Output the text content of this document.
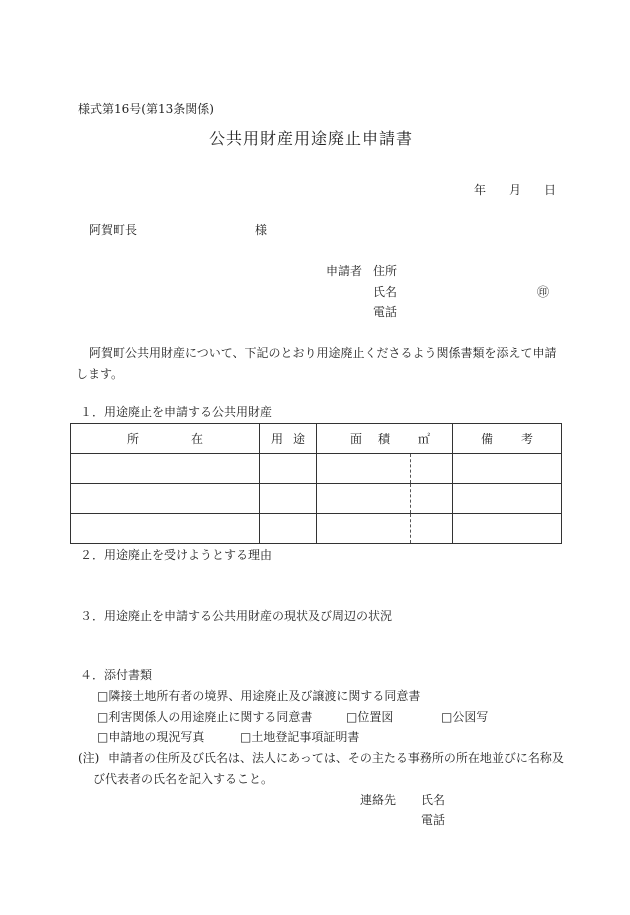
様式第16号(第13条関係)
公共用財産用途廃止申請書
年 月 日
阿賀町長	様
申請者 住所
氏名	㊞
電話
阿賀町公共用財産について、下記のとおり用途廃止くださるよう関係書類を添えて申請
します。
１．用途廃止を申請する公共用財産
所 在	用 途	面 積 ㎡		備 考

２．用途廃止を受けようとする理由
３．用途廃止を申請する公共用財産の現状及び周辺の状況
４．添付書類
□隣接土地所有者の境界、用途廃止及び譲渡に関する同意書
□利害関係人の用途廃止に関する同意書	□位置図	□公図写
□申請地の現況写真	□土地登記事項証明書
(注) 申請者の住所及び氏名は、法人にあっては、その主たる事務所の所在地並びに名称及
び代表者の氏名を記入すること。
連絡先 氏名
電話
